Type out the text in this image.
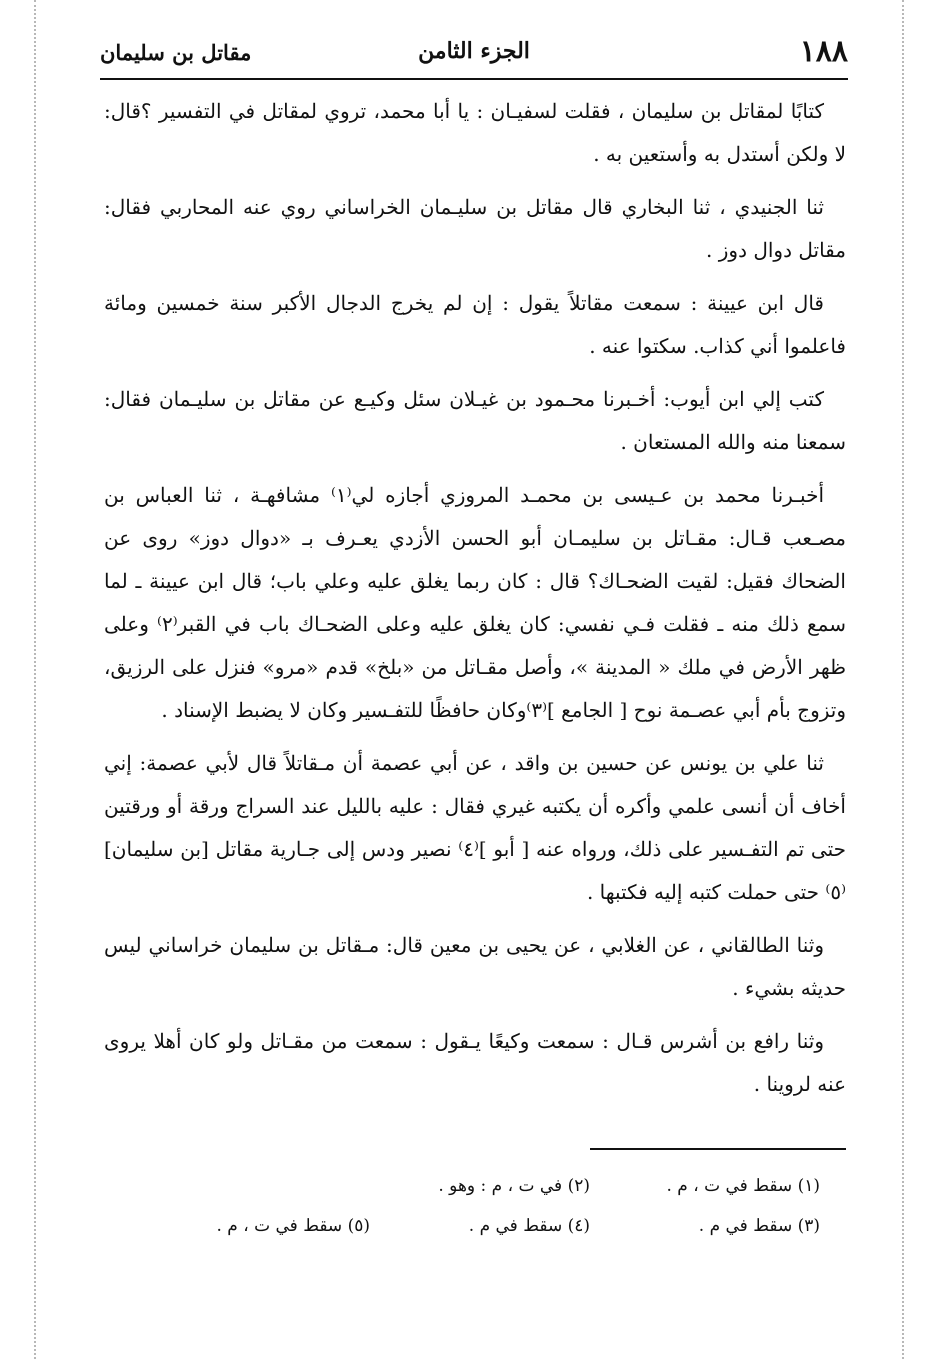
١٨٨
الجزء الثامن
مقاتل بن سليمان

كتابًا لمقاتل بن سليمان ، فقلت لسفيـان : يا أبا محمد، تروي لمقاتل في التفسير ؟قال: لا ولكن أستدل به وأستعين به .

ثنا الجنيدي ، ثنا البخاري قال مقاتل بن سليـمان الخراساني روي عنه المحاربي فقال: مقاتل دوال دوز .

قال ابن عيينة : سمعت مقاتلاً يقول : إن لم يخرج الدجال الأكبر سنة خمسين ومائة فاعلموا أني كذاب. سكتوا عنه .

كتب إلي ابن أيوب: أخـبرنا محـمود بن غيـلان سئل وكيـع عن مقاتل بن سليـمان فقال: سمعنا منه والله المستعان .

أخبـرنا محمد بن عـيسى بن محمـد المروزي أجازه لي⁽١⁾ مشافهـة ، ثنا العباس بن مصـعب قـال: مقـاتل بن سليمـان أبو الحسن الأزدي يعـرف بـ «دوال دوز» روى عن الضحاك فقيل: لقيت الضحـاك؟ قال : كان ربما يغلق عليه وعلي باب؛ قال ابن عيينة ـ لما سمع ذلك منه ـ فقلت فـي نفسي: كان يغلق عليه وعلى الضحـاك باب في القبر⁽٢⁾ وعلى ظهر الأرض في ملك « المدينة »، وأصل مقـاتل من «بلخ» قدم «مرو» فنزل على الرزيق، وتزوج بأم أبي عصـمة نوح [ الجامع ]⁽٣⁾وكان حافظًا للتفـسير وكان لا يضبط الإسناد .

ثنا علي بن يونس عن حسين بن واقد ، عن أبي عصمة أن مـقاتلاً قال لأبي عصمة: إني أخاف أن أنسى علمي وأكره أن يكتبه غيري فقال : عليه بالليل عند السراج ورقة أو ورقتين حتى تم التفـسير على ذلك، ورواه عنه [ أبو ]⁽٤⁾ نصير ودس إلى جـارية مقاتل [بن سليمان]⁽٥⁾ حتى حملت كتبه إليه فكتبها .

وثنا الطالقاني ، عن الغلابي ، عن يحيى بن معين قال: مـقاتل بن سليمان خراساني ليس حديثه بشيء .

وثنا رافع بن أشرس قـال : سمعت وكيعًا يـقول : سمعت من مقـاتل ولو كان أهلا يروى عنه لروينا .

(١) سقط في ت ، م .
(٢) في ت ، م : وهو .
(٣) سقط في م .
(٤) سقط في م .
(٥) سقط في ت ، م .
